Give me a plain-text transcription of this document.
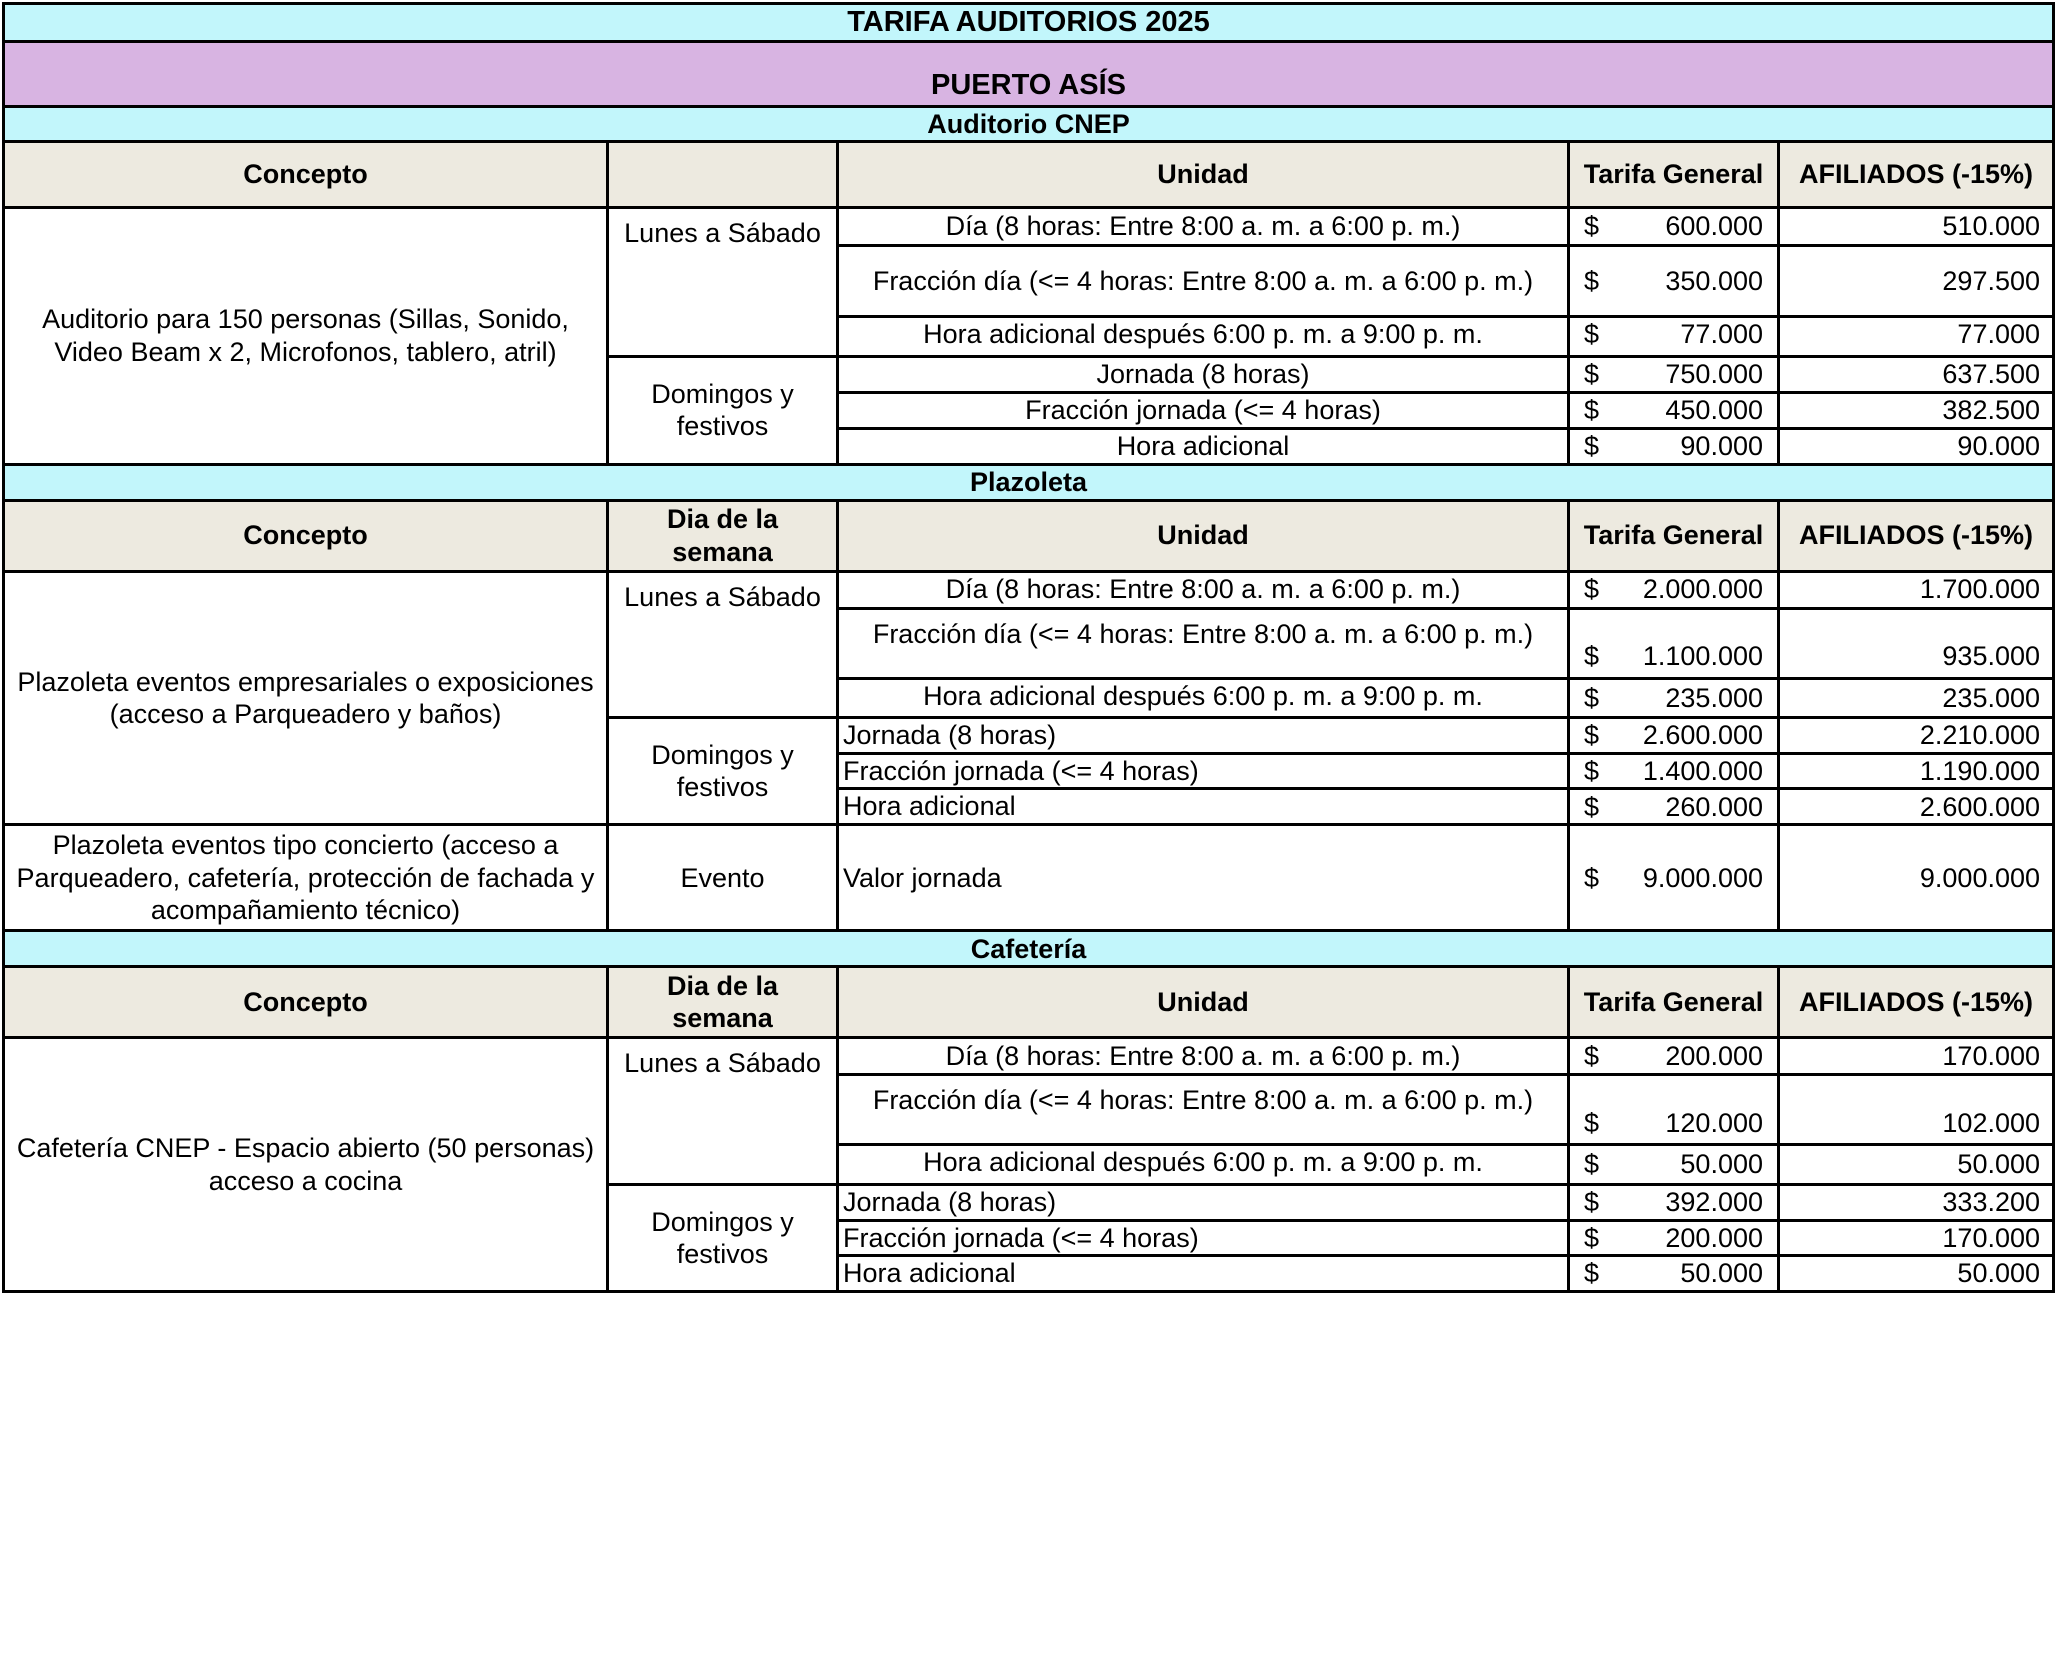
TARIFA AUDITORIOS 2025				
PUERTO ASÍS				
Auditorio CNEP				
Concepto		Unidad	Tarifa General	AFILIADOS (-15%)
Auditorio para 150 personas (Sillas, Sonido, Video Beam x 2, Microfonos, tablero, atril)	Lunes a Sábado	Día (8 horas: Entre 8:00 a. m. a 6:00 p. m.)	$ 600.000	510.000
		Fracción día (<= 4 horas: Entre 8:00 a. m. a 6:00 p. m.)	$ 350.000	297.500
		Hora adicional después 6:00 p. m. a 9:00 p. m.	$ 77.000	77.000
	Domingos y festivos	Jornada (8 horas)	$ 750.000	637.500
		Fracción jornada (<= 4 horas)	$ 450.000	382.500
		Hora adicional	$ 90.000	90.000
Plazoleta				
Concepto	Dia de la semana	Unidad	Tarifa General	AFILIADOS (-15%)
Plazoleta eventos empresariales o exposiciones (acceso a Parqueadero y baños)	Lunes a Sábado	Día (8 horas: Entre 8:00 a. m. a 6:00 p. m.)	$ 2.000.000	1.700.000
		Fracción día (<= 4 horas: Entre 8:00 a. m. a 6:00 p. m.)	$ 1.100.000	935.000
		Hora adicional después 6:00 p. m. a 9:00 p. m.	$ 235.000	235.000
	Domingos y festivos	Jornada (8 horas)	$ 2.600.000	2.210.000
		Fracción jornada (<= 4 horas)	$ 1.400.000	1.190.000
		Hora adicional	$ 260.000	2.600.000
Plazoleta eventos tipo concierto (acceso a Parqueadero, cafetería, protección de fachada y acompañamiento técnico)	Evento	Valor jornada	$ 9.000.000	9.000.000
Cafetería				
Concepto	Dia de la semana	Unidad	Tarifa General	AFILIADOS (-15%)
Cafetería CNEP - Espacio abierto (50 personas) acceso a cocina	Lunes a Sábado	Día (8 horas: Entre 8:00 a. m. a 6:00 p. m.)	$ 200.000	170.000
		Fracción día (<= 4 horas: Entre 8:00 a. m. a 6:00 p. m.)	$ 120.000	102.000
		Hora adicional después 6:00 p. m. a 9:00 p. m.	$ 50.000	50.000
	Domingos y festivos	Jornada (8 horas)	$ 392.000	333.200
		Fracción jornada (<= 4 horas)	$ 200.000	170.000
		Hora adicional	$ 50.000	50.000
